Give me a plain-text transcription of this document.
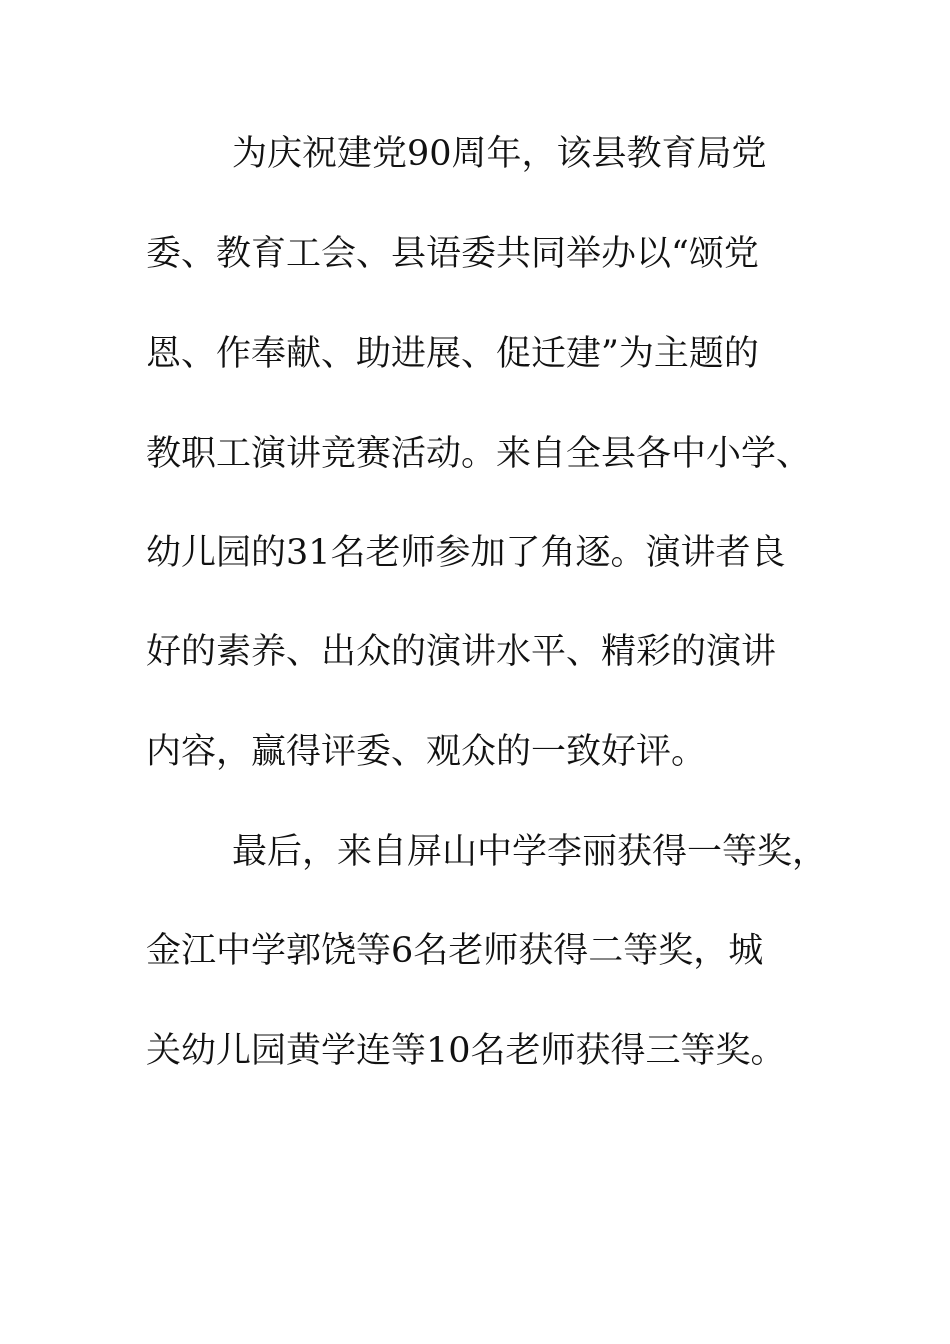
为庆祝建党90周年，该县教育局党
委、教育工会、县语委共同举办以“颂党
恩、作奉献、助进展、促迁建”为主题的
教职工演讲竞赛活动。来自全县各中小学、
幼儿园的31名老师参加了角逐。演讲者良
好的素养、出众的演讲水平、精彩的演讲
内容，赢得评委、观众的一致好评。
最后，来自屏山中学李丽获得一等奖，
金江中学郭饶等6名老师获得二等奖，城
关幼儿园黄学连等10名老师获得三等奖。
